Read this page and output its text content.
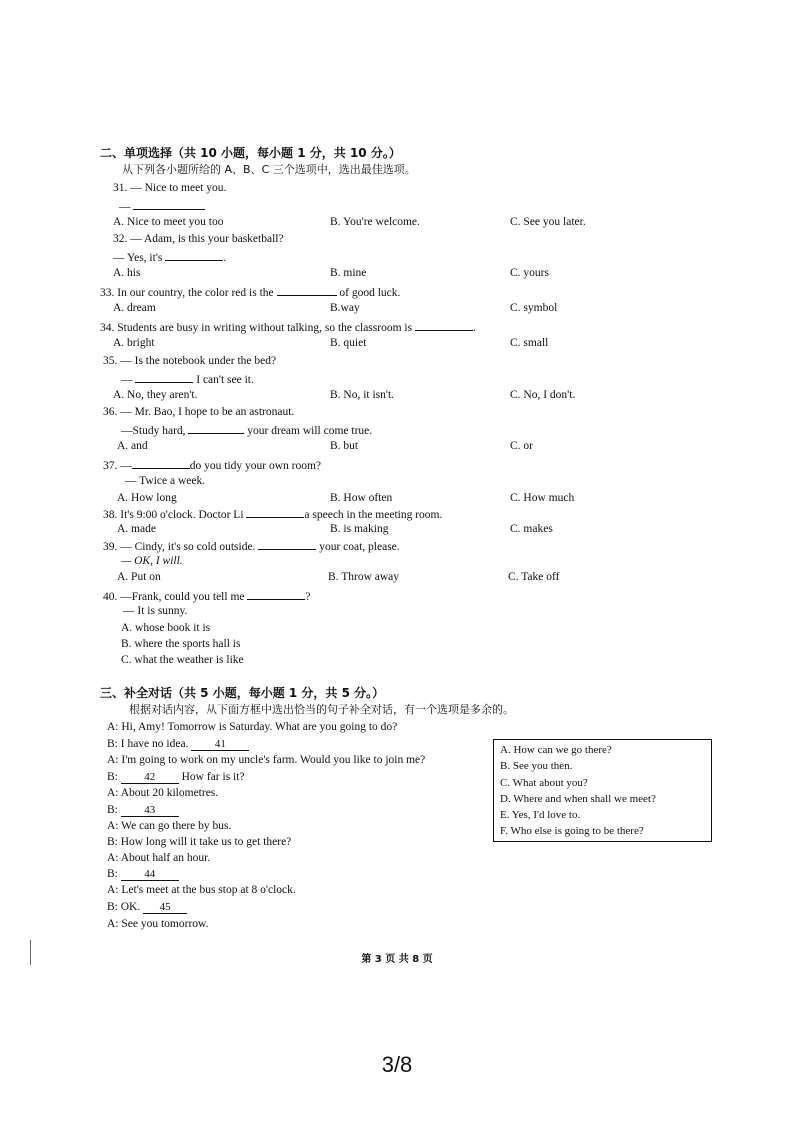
二、单项选择（共 10 小题，每小题 1 分，共 10 分。）
从下列各小题所给的 A、B、C 三个选项中，选出最佳选项。
31. — Nice to meet you.
—
A. Nice to meet you too	B. You're welcome.	C. See you later.
32. — Adam, is this your basketball?
— Yes, it's	.
A. his	B. mine	C. yours
33. In our country, the color red is the	of good luck.
A. dream	B.way	C. symbol
34. Students are busy in writing without talking, so the classroom is	.
A. bright	B. quiet	C. small
35. — Is the notebook under the bed?
—	I can't see it.
A. No, they aren't.	B. No, it isn't.	C. No, I don't.
36. — Mr. Bao, I hope to be an astronaut.
—Study hard,	your dream will come true.
A. and	B. but	C. or
37. —	do you tidy your own room?
— Twice a week.
A. How long	B. How often	C. How much
38. It's 9:00 o'clock. Doctor Li	a speech in the meeting room.
A. made	B. is making	C. makes
39. — Cindy, it's so cold outside.	your coat, please.
— OK, I will.
A. Put on	B. Throw away	C. Take off
40. —Frank, could you tell me	?
— It is sunny.
A. whose book it is
B. where the sports hall is
C. what the weather is like
三、补全对话（共 5 小题，每小题 1 分，共 5 分。）
根据对话内容，从下面方框中选出恰当的句子补全对话，有一个选项是多余的。
A: Hi, Amy! Tomorrow is Saturday. What are you going to do?
B: I have no idea. 41
A: I'm going to work on my uncle's farm. Would you like to join me?
B: 42 How far is it?
A: About 20 kilometres.
B: 43
A: We can go there by bus.
B: How long will it take us to get there?
A: About half an hour.
B: 44
A: Let's meet at the bus stop at 8 o'clock.
B: OK. 45
A: See you tomorrow.
A. How can we go there?
B. See you then.
C. What about you?
D. Where and when shall we meet?
E. Yes, I'd love to.
F. Who else is going to be there?
第 3 页 共 8 页
3/8
